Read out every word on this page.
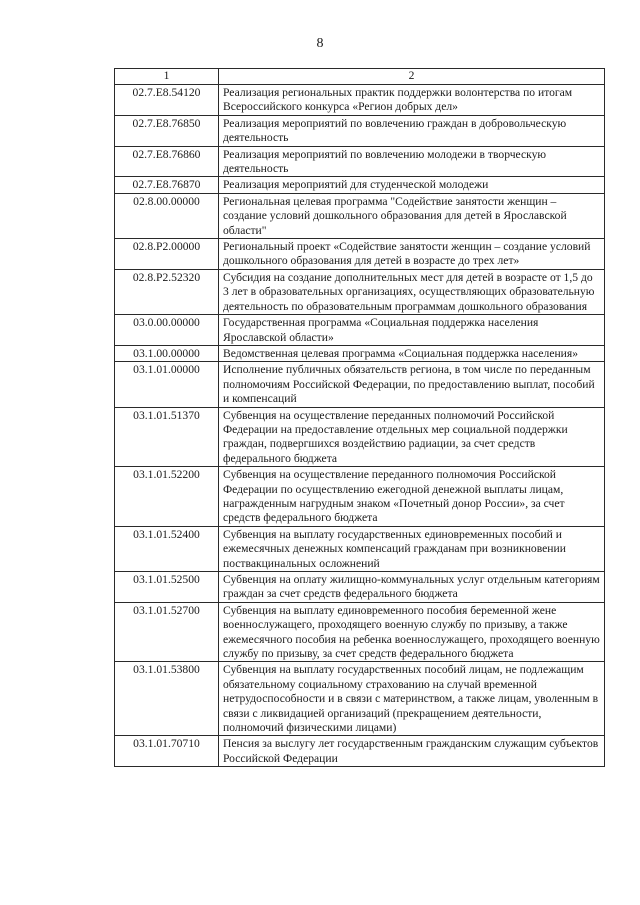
8
1	2
02.7.E8.54120	Реализация региональных практик поддержки волонтерства по итогам Всероссийского конкурса «Регион добрых дел»
02.7.E8.76850	Реализация мероприятий по вовлечению граждан в добровольческую деятельность
02.7.E8.76860	Реализация мероприятий по вовлечению молодежи в творческую деятельность
02.7.E8.76870	Реализация мероприятий для студенческой молодежи
02.8.00.00000	Региональная целевая программа "Содействие занятости женщин – создание условий дошкольного образования для детей в Ярославской области"
02.8.P2.00000	Региональный проект «Содействие занятости женщин – создание условий дошкольного образования для детей в возрасте до трех лет»
02.8.P2.52320	Субсидия на создание дополнительных мест для детей в возрасте от 1,5 до 3 лет в образовательных организациях, осуществляющих образовательную деятельность по образовательным программам дошкольного образования
03.0.00.00000	Государственная программа «Социальная поддержка населения Ярославской области»
03.1.00.00000	Ведомственная целевая программа «Социальная поддержка населения»
03.1.01.00000	Исполнение публичных обязательств региона, в том числе по переданным полномочиям Российской Федерации, по предоставлению выплат, пособий и компенсаций
03.1.01.51370	Субвенция на осуществление переданных полномочий Российской Федерации на предоставление отдельных мер социальной поддержки граждан, подвергшихся воздействию радиации, за счет средств федерального бюджета
03.1.01.52200	Субвенция на осуществление переданного полномочия Российской Федерации по осуществлению ежегодной денежной выплаты лицам, награжденным нагрудным знаком «Почетный донор России», за счет средств федерального бюджета
03.1.01.52400	Субвенция на выплату государственных единовременных пособий и ежемесячных денежных компенсаций гражданам при возникновении поствакцинальных осложнений
03.1.01.52500	Субвенция на оплату жилищно-коммунальных услуг отдельным категориям граждан за счет средств федерального бюджета
03.1.01.52700	Субвенция на выплату единовременного пособия беременной жене военнослужащего, проходящего военную службу по призыву, а также ежемесячного пособия на ребенка военнослужащего, проходящего военную службу по призыву, за счет средств федерального бюджета
03.1.01.53800	Субвенция на выплату государственных пособий лицам, не подлежащим обязательному социальному страхованию на случай временной нетрудоспособности и в связи с материнством, а также лицам, уволенным в связи с ликвидацией организаций (прекращением деятельности, полномочий физическими лицами)
03.1.01.70710	Пенсия за выслугу лет государственным гражданским служащим субъектов Российской Федерации
